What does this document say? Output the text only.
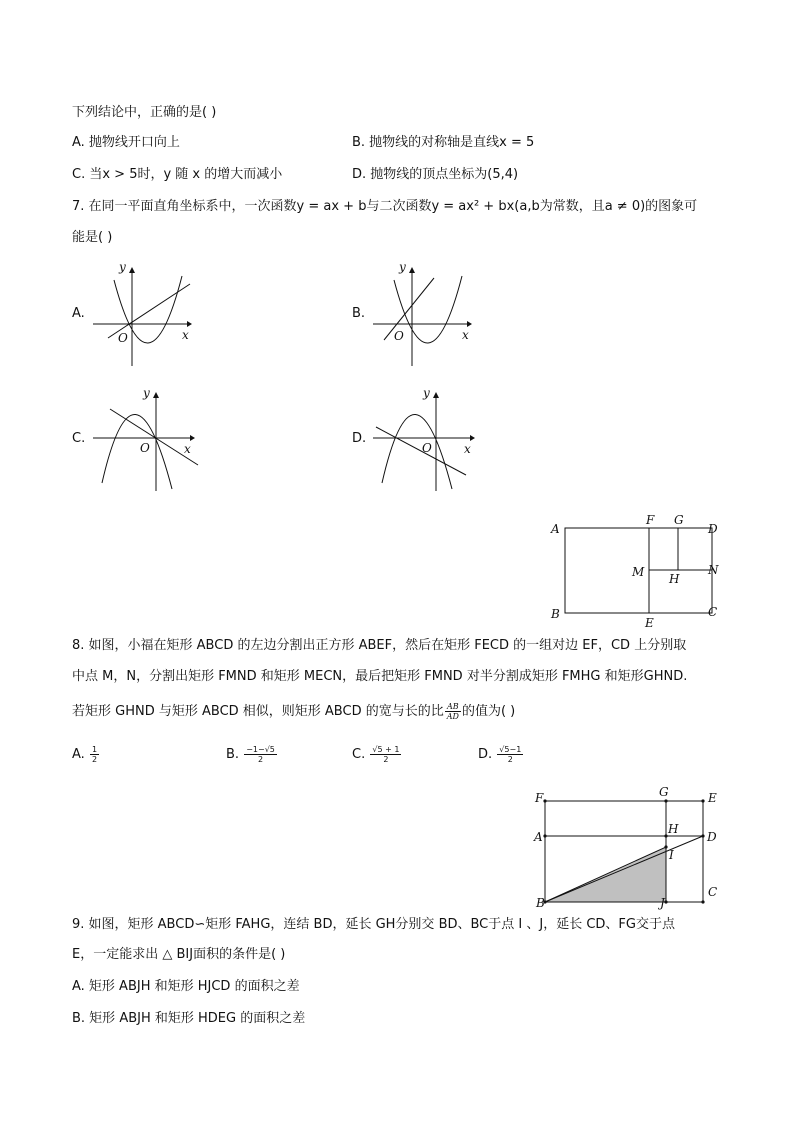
下列结论中，正确的是( )
A. 抛物线开口向上	B. 抛物线的对称轴是直线x = 5
C. 当x > 5时，y 随 x 的增大而减小	D. 抛物线的顶点坐标为(5,4)
7. 在同一平面直角坐标系中，一次函数y = ax + b与二次函数y = ax² + bx(a,b为常数，且a ≠ 0)的图象可
能是( )
A.
y
x
O
B.
y
x
O
C.
y
x
O
D.
y
x
O
A
F G
D
M H
N
B
E
C
8. 如图，小福在矩形 ABCD 的左边分割出正方形 ABEF，然后在矩形 FECD 的一组对边 EF，CD 上分别取
中点 M，N，分割出矩形 FMND 和矩形 MECN，最后把矩形 FMND 对半分割成矩形 FMHG 和矩形GHND.
若矩形 GHND 与矩形 ABCD 相似，则矩形 ABCD 的宽与长的比 $\frac{AB}{AD}$ 的值为( )
A. $\frac{1}{2}$	B. $\frac{-1-√5}{2}$	C. $\frac{√5 + 1}{2}$	D. $\frac{√5-1}{2}$
F	G	E
A
H
D
I
B	J
C
9. 如图，矩形 ABCD∽矩形 FAHG，连结 BD，延长 GH分别交 BD、BC于点 I 、J，延长 CD、FG交于点
E，一定能求出 △ BIJ面积的条件是( )
A. 矩形 ABJH 和矩形 HJCD 的面积之差
B. 矩形 ABJH 和矩形 HDEG 的面积之差
